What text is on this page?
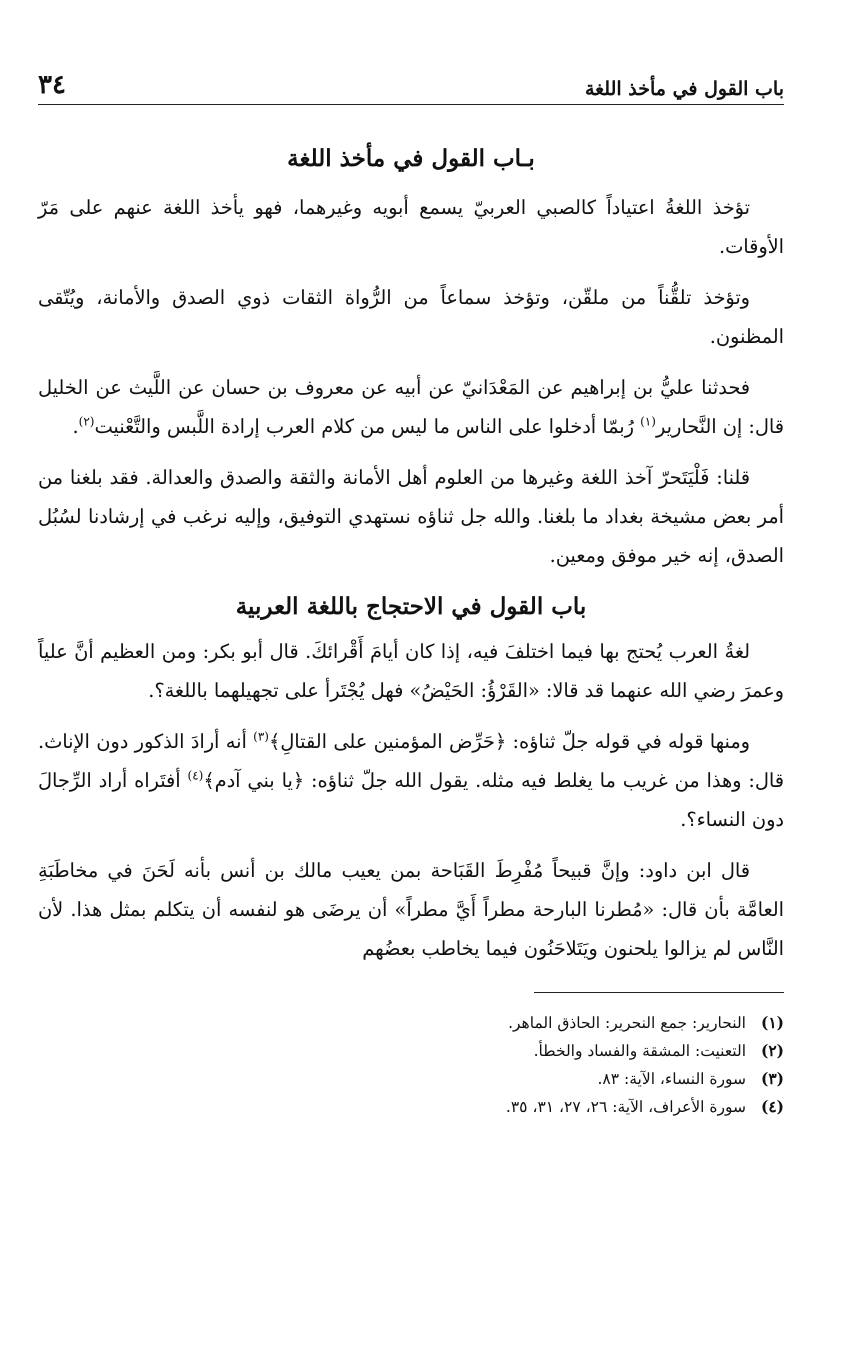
باب القول في مأخذ اللغة
٣٤
بـاب القول في مأخذ اللغة

تؤخذ اللغةُ اعتياداً كالصبي العربيّ يسمع أبويه وغيرهما، فهو يأخذ اللغة عنهم على مَرّ الأوقات.

وتؤخذ تلقُّناً من ملقّن، وتؤخذ سماعاً من الرُّواة الثقات ذوي الصدق والأمانة، ويُتّقى المظنون.

فحدثنا عليُّ بن إبراهيم عن المَعْدَانيّ عن أبيه عن معروف بن حسان عن اللَّيث عن الخليل قال: إن النَّحارير$^{(١)}$ رُبمّا أدخلوا على الناس ما ليس من كلام العرب إرادة اللَّبس والتَّعْنيت$^{(٢)}$.

قلنا: فَلْيَتَحرّ آخذ اللغة وغيرها من العلوم أهل الأمانة والثقة والصدق والعدالة. فقد بلغنا من أمر بعض مشيخة بغداد ما بلغنا. والله جل ثناؤه نستهدي التوفيق، وإليه نرغب في إرشادنا لسُبُل الصدق، إنه خير موفق ومعين.

باب القول في الاحتجاج باللغة العربية

لغةُ العرب يُحتج بها فيما اختلفَ فيه، إذا كان أيامَ أَقْرائكَ. قال أبو بكر: ومن العظيم أنَّ علياً وعمرَ رضي الله عنهما قد قالا: «القَرْؤُ: الحَيْضُ» فهل يُجْتَرأ على تجهيلهما باللغة؟.

ومنها قوله في قوله جلّ ثناؤه: ﴿حَرِّض المؤمنين على القتالِ﴾$^{(٣)}$ أنه أرادَ الذكور دون الإناث. قال: وهذا من غريب ما يغلط فيه مثله. يقول الله جلّ ثناؤه: ﴿يا بني آدم﴾$^{(٤)}$ أفتَراه أراد الرِّجالَ دون النساء؟.

قال ابن داود: وإنَّ قبيحاً مُفْرِطَ القَبَاحة بمن يعيب مالك بن أنس بأنه لَحَنَ في مخاطَبَةِ العامَّة بأن قال: «مُطرنا البارحة مطراً أَيَّ مطراً» أن يرضَى هو لنفسه أن يتكلم بمثل هذا. لأن النَّاس لم يزالوا يلحنون ويَتَلاحَنُون فيما يخاطب بعضُهم

(١)
النحارير: جمع النحرير: الحاذق الماهر.
(٢)
التعنيت: المشقة والفساد والخطأ.
(٣)
سورة النساء، الآية: ٨٣.
(٤)
سورة الأعراف، الآية: ٢٦، ٢٧، ٣١، ٣٥.
